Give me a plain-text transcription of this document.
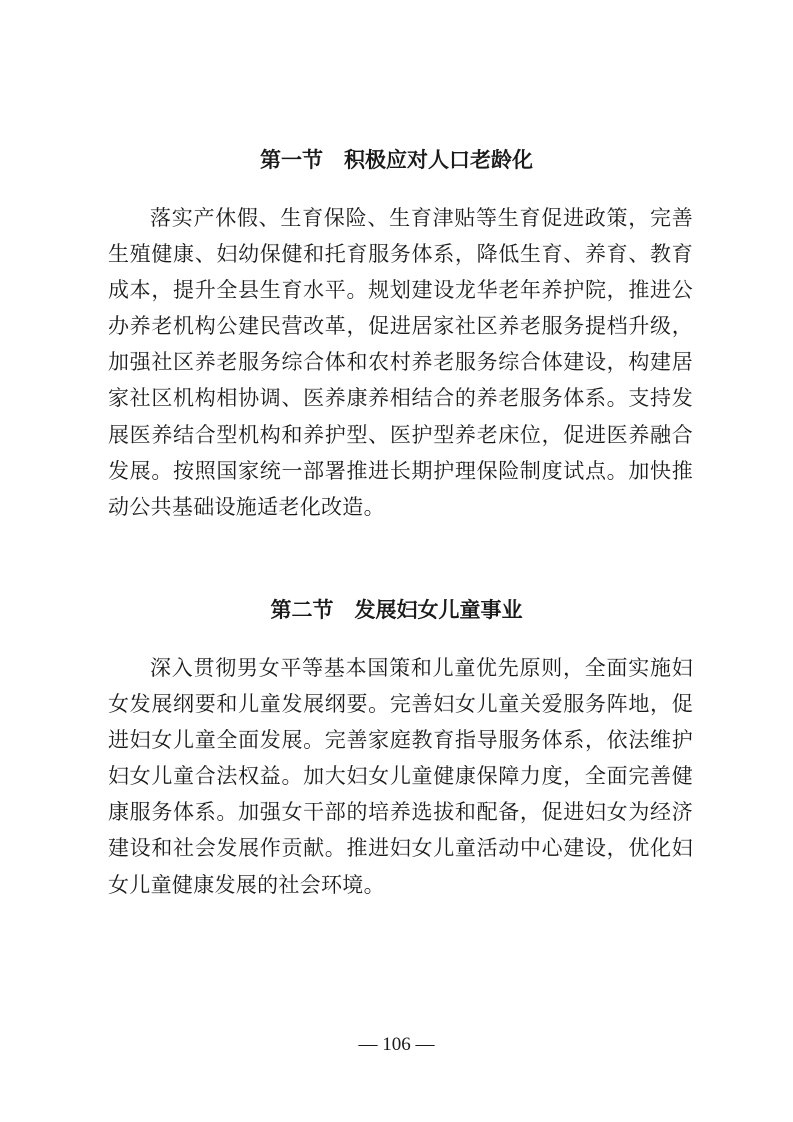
第一节　积极应对人口老龄化

落实产休假、生育保险、生育津贴等生育促进政策，完善生殖健康、妇幼保健和托育服务体系，降低生育、养育、教育成本，提升全县生育水平。规划建设龙华老年养护院，推进公办养老机构公建民营改革，促进居家社区养老服务提档升级，加强社区养老服务综合体和农村养老服务综合体建设，构建居家社区机构相协调、医养康养相结合的养老服务体系。支持发展医养结合型机构和养护型、医护型养老床位，促进医养融合发展。按照国家统一部署推进长期护理保险制度试点。加快推动公共基础设施适老化改造。

第二节　发展妇女儿童事业

深入贯彻男女平等基本国策和儿童优先原则，全面实施妇女发展纲要和儿童发展纲要。完善妇女儿童关爱服务阵地，促进妇女儿童全面发展。完善家庭教育指导服务体系，依法维护妇女儿童合法权益。加大妇女儿童健康保障力度，全面完善健康服务体系。加强女干部的培养选拔和配备，促进妇女为经济建设和社会发展作贡献。推进妇女儿童活动中心建设，优化妇女儿童健康发展的社会环境。

— 106 —
